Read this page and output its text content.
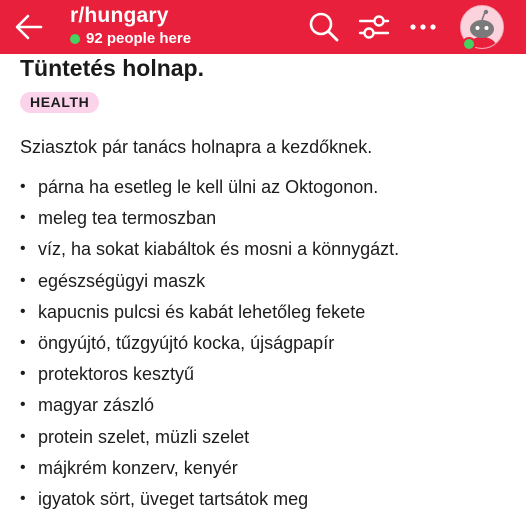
r/hungary
92 people here
Tüntetés holnap.
HEALTH
Sziasztok pár tanács holnapra a kezdőknek.
• párna ha esetleg le kell ülni az Oktogonon.
• meleg tea termoszban
• víz, ha sokat kiabáltok és mosni a könnygázt.
• egészségügyi maszk
• kapucnis pulcsi és kabát lehetőleg fekete
• öngyújtó, tűzgyújtó kocka, újságpapír
• protektoros kesztyű
• magyar zászló
• protein szelet, müzli szelet
• májkrém konzerv, kenyér
• igyatok sört, üveget tartsátok meg
